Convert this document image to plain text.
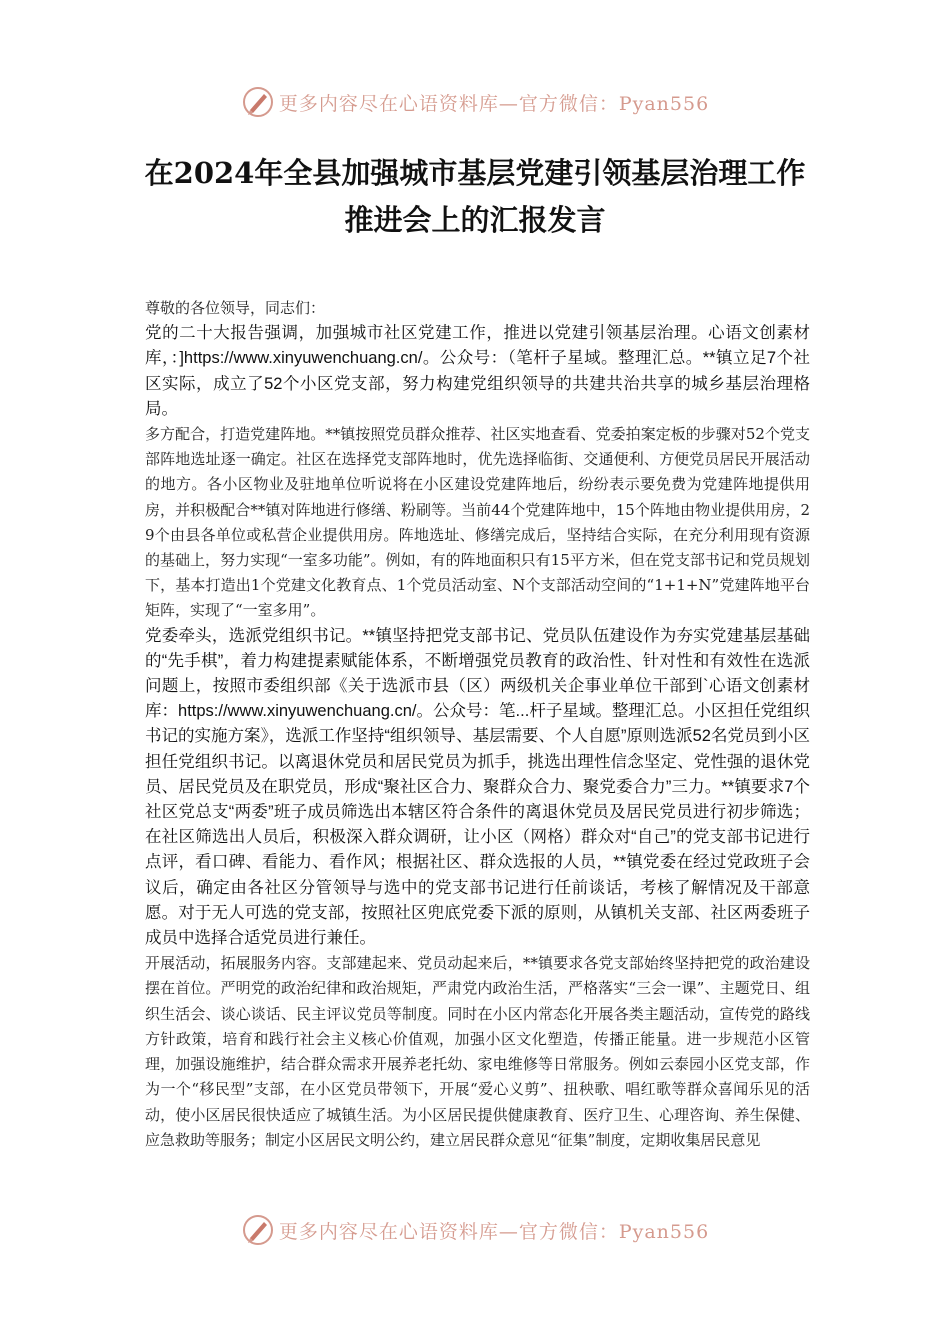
更多内容尽在心语资料库—官方微信：Pyan556
在2024年全县加强城市基层党建引领基层治理工作
推进会上的汇报发言

尊敬的各位领导，同志们：

党的二十大报告强调，加强城市社区党建工作，推进以党建引领基层治理。心语文创素材库，：]https://www.xinyuwenchuang.cn/。公众号：（笔杆子星域。整理汇总。**镇立足7个社区实际，成立了52个小区党支部，努力构建党组织领导的共建共治共享的城乡基层治理格局。

多方配合，打造党建阵地。**镇按照党员群众推荐、社区实地查看、党委拍案定板的步骤对52个党支部阵地选址逐一确定。社区在选择党支部阵地时，优先选择临街、交通便利、方便党员居民开展活动的地方。各小区物业及驻地单位听说将在小区建设党建阵地后，纷纷表示要免费为党建阵地提供用房，并积极配合**镇对阵地进行修缮、粉刷等。当前44个党建阵地中，15个阵地由物业提供用房，29个由县各单位或私营企业提供用房。阵地选址、修缮完成后，坚持结合实际，在充分利用现有资源的基础上，努力实现“一室多功能”。例如，有的阵地面积只有15平方米，但在党支部书记和党员规划下，基本打造出1个党建文化教育点、1个党员活动室、N个支部活动空间的“1+1+N”党建阵地平台矩阵，实现了“一室多用”。

党委牵头，选派党组织书记。**镇坚持把党支部书记、党员队伍建设作为夯实党建基层基础的“先手棋”，着力构建提素赋能体系，不断增强党员教育的政治性、针对性和有效性在选派问题上，按照市委组织部《关于选派市县（区）两级机关企事业单位干部到`心语文创素材库：https://www.xinyuwenchuang.cn/。公众号：笔...杆子星域。整理汇总。小区担任党组织书记的实施方案》，选派工作坚持“组织领导、基层需要、个人自愿”原则选派52名党员到小区担任党组织书记。以离退休党员和居民党员为抓手，挑选出理性信念坚定、党性强的退休党员、居民党员及在职党员，形成“聚社区合力、聚群众合力、聚党委合力”三力。**镇要求7个社区党总支“两委”班子成员筛选出本辖区符合条件的离退休党员及居民党员进行初步筛选；在社区筛选出人员后，积极深入群众调研，让小区（网格）群众对“自己”的党支部书记进行点评，看口碑、看能力、看作风；根据社区、群众选报的人员，**镇党委在经过党政班子会议后，确定由各社区分管领导与选中的党支部书记进行任前谈话，考核了解情况及干部意愿。对于无人可选的党支部，按照社区兜底党委下派的原则，从镇机关支部、社区两委班子成员中选择合适党员进行兼任。

开展活动，拓展服务内容。支部建起来、党员动起来后，**镇要求各党支部始终坚持把党的政治建设摆在首位。严明党的政治纪律和政治规矩，严肃党内政治生活，严格落实“三会一课”、主题党日、组织生活会、谈心谈话、民主评议党员等制度。同时在小区内常态化开展各类主题活动，宣传党的路线方针政策，培育和践行社会主义核心价值观，加强小区文化塑造，传播正能量。进一步规范小区管理，加强设施维护，结合群众需求开展养老托幼、家电维修等日常服务。例如云泰园小区党支部，作为一个“移民型”支部，在小区党员带领下，开展“爱心义剪”、扭秧歌、唱红歌等群众喜闻乐见的活动，使小区居民很快适应了城镇生活。为小区居民提供健康教育、医疗卫生、心理咨询、养生保健、应急救助等服务；制定小区居民文明公约，建立居民群众意见“征集”制度，定期收集居民意见

更多内容尽在心语资料库—官方微信：Pyan556
